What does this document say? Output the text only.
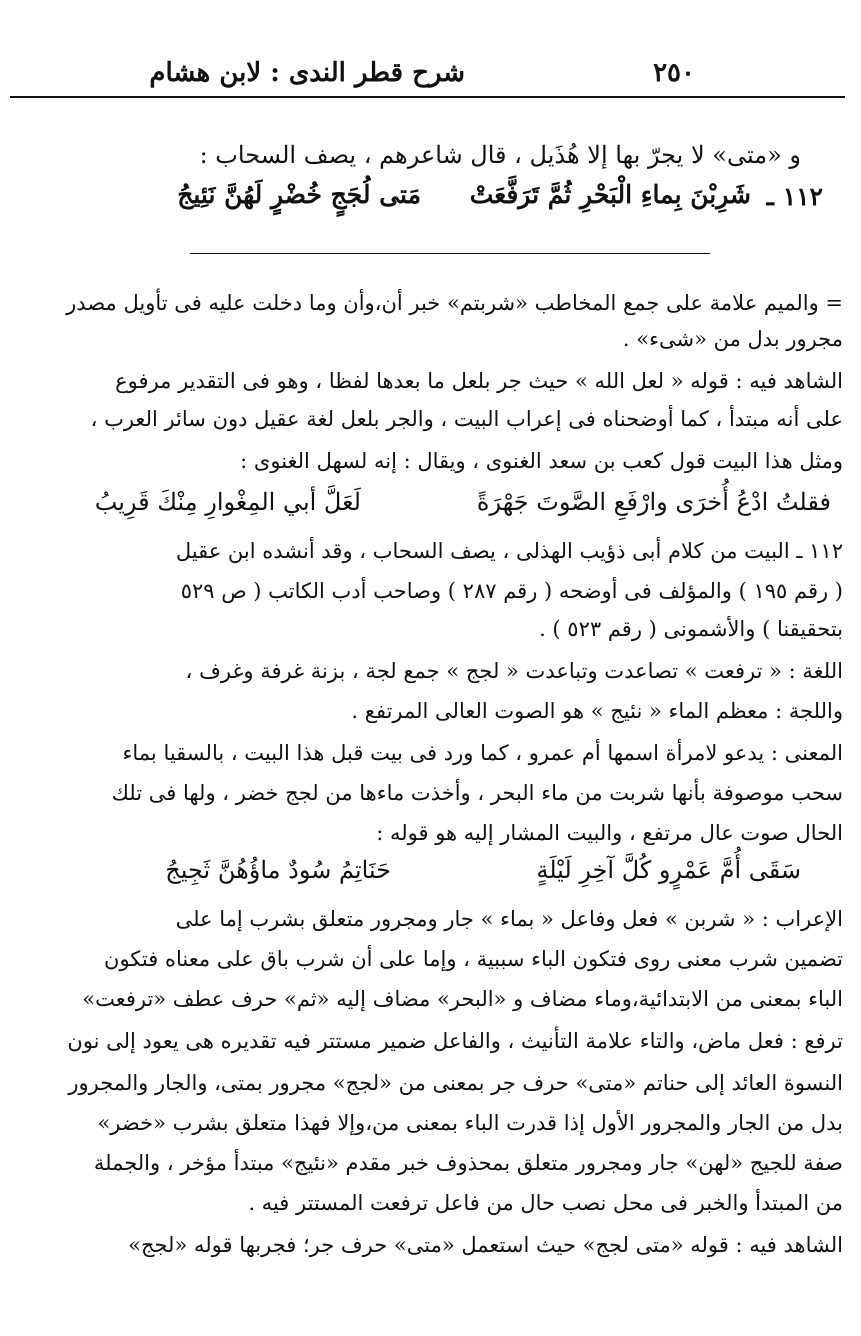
٢٥٠
شرح قطر الندى : لابن هشام
و «متى» لا يجرّ بها إلا هُذَيل ، قال شاعرهم ، يصف السحاب :
١١٢ ـ
شَرِبْنَ بِماءِ الْبَحْرِ ثُمَّ تَرَفَّعَتْ
مَتى لُجَجٍ خُضْرٍ لَهُنَّ نَئِيجُ
= والميم علامة على جمع المخاطب «شربتم» خبر أن،وأن وما دخلت عليه فى تأويل مصدر
مجرور بدل من «شىء» .
الشاهد فيه : قوله « لعل الله » حيث جر بلعل ما بعدها لفظا ، وهو فى التقدير مرفوع
على أنه مبتدأ ، كما أوضحناه فى إعراب البيت ، والجر بلعل لغة عقيل دون سائر العرب ،
ومثل هذا البيت قول كعب بن سعد الغنوى ، ويقال : إنه لسهل الغنوى :
فقلتُ ادْعُ أُخرَى وارْفَعِ الصَّوتَ جَهْرَةً
لَعَلَّ أبي المِغْوارِ مِنْكَ قَرِيبُ
١١٢ ـ البيت من كلام أبى ذؤيب الهذلى ، يصف السحاب ، وقد أنشده ابن عقيل
( رقم ١٩٥ ) والمؤلف فى أوضحه ( رقم ٢٨٧ ) وصاحب أدب الكاتب ( ص ٥٢٩
بتحقيقنا ) والأشمونى ( رقم ٥٢٣ ) .
اللغة : « ترفعت » تصاعدت وتباعدت « لجج » جمع لجة ، بزنة غرفة وغرف ،
واللجة : معظم الماء « نئيج » هو الصوت العالى المرتفع .
المعنى : يدعو لامرأة اسمها أم عمرو ، كما ورد فى بيت قبل هذا البيت ، بالسقيا بماء
سحب موصوفة بأنها شربت من ماء البحر ، وأخذت ماءها من لجج خضر ، ولها فى تلك
الحال صوت عال مرتفع ، والبيت المشار إليه هو قوله :
سَقَى أُمَّ عَمْرٍو كُلَّ آخِرِ لَيْلَةٍ
حَنَاتِمُ سُودٌ ماؤُهُنَّ ثَجِيجُ
الإعراب : « شربن » فعل وفاعل « بماء » جار ومجرور متعلق بشرب إما على
تضمين شرب معنى روى فتكون الباء سببية ، وإما على أن شرب باق على معناه فتكون
الباء بمعنى من الابتدائية،وماء مضاف و «البحر» مضاف إليه «ثم» حرف عطف «ترفعت»
ترفع : فعل ماض، والتاء علامة التأنيث ، والفاعل ضمير مستتر فيه تقديره هى يعود إلى نون
النسوة العائد إلى حناتم «متى» حرف جر بمعنى من «لجج» مجرور بمتى، والجار والمجرور
بدل من الجار والمجرور الأول إذا قدرت الباء بمعنى من،وإلا فهذا متعلق بشرب «خضر»
صفة للجيج «لهن» جار ومجرور متعلق بمحذوف خبر مقدم «نئيج» مبتدأ مؤخر ، والجملة
من المبتدأ والخبر فى محل نصب حال من فاعل ترفعت المستتر فيه .
الشاهد فيه : قوله «متى لجج» حيث استعمل «متى» حرف جر؛ فجربها قوله «لجج»
